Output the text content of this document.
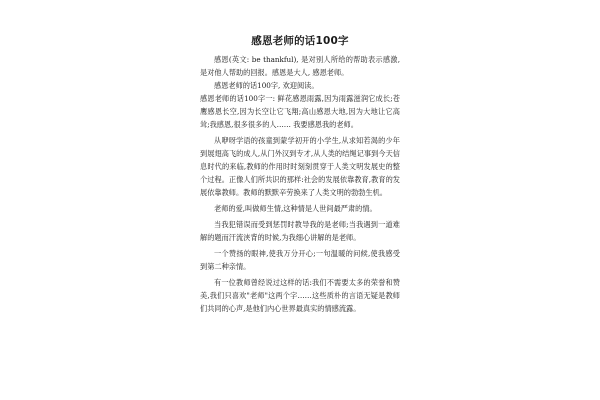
感恩老师的话100字

感恩(英文: be thankful), 是对别人所给的帮助表示感激, 是对他人帮助的回报。感恩是大人, 感恩老师。

感恩老师的话100字, 欢迎阅读。

感恩老师的话100字一: 鲜花感恩雨露,因为雨露滋润它成长;苍鹰感恩长空,因为长空让它飞翔;高山感恩大地,因为大地让它高耸;我感恩,很多很多的人…… 我要感恩我的老师。

从咿呀学语的孩童到蒙学初开的小学生,从求知若渴的少年到展翅高飞的成人,从门外汉到专才,从人类的结绳记事到今天信息时代的来临,教师的作用时时刻刻贯穿于人类文明发展史的整个过程。正像人们所共识的那样:社会的发展依靠教育,教育的发展依靠教师。教师的默默辛劳换来了人类文明的勃勃生机。

老师的爱,叫做师生情,这种情是人世间最严肃的情。

当我犯错误而受到惩罚时教导我的是老师;当我遇到一道难解的题而汗流浃背的时候,为我细心讲解的是老师。

一个赞扬的眼神,使我万分开心;一句温暖的问候,使我感受到第二种亲情。

有一位教师曾经说过这样的话:我们不需要太多的荣誉和赞美,我们只喜欢"老师"这两个字……这些质朴的言语无疑是教师们共同的心声,是他们内心世界最真实的情感流露。
